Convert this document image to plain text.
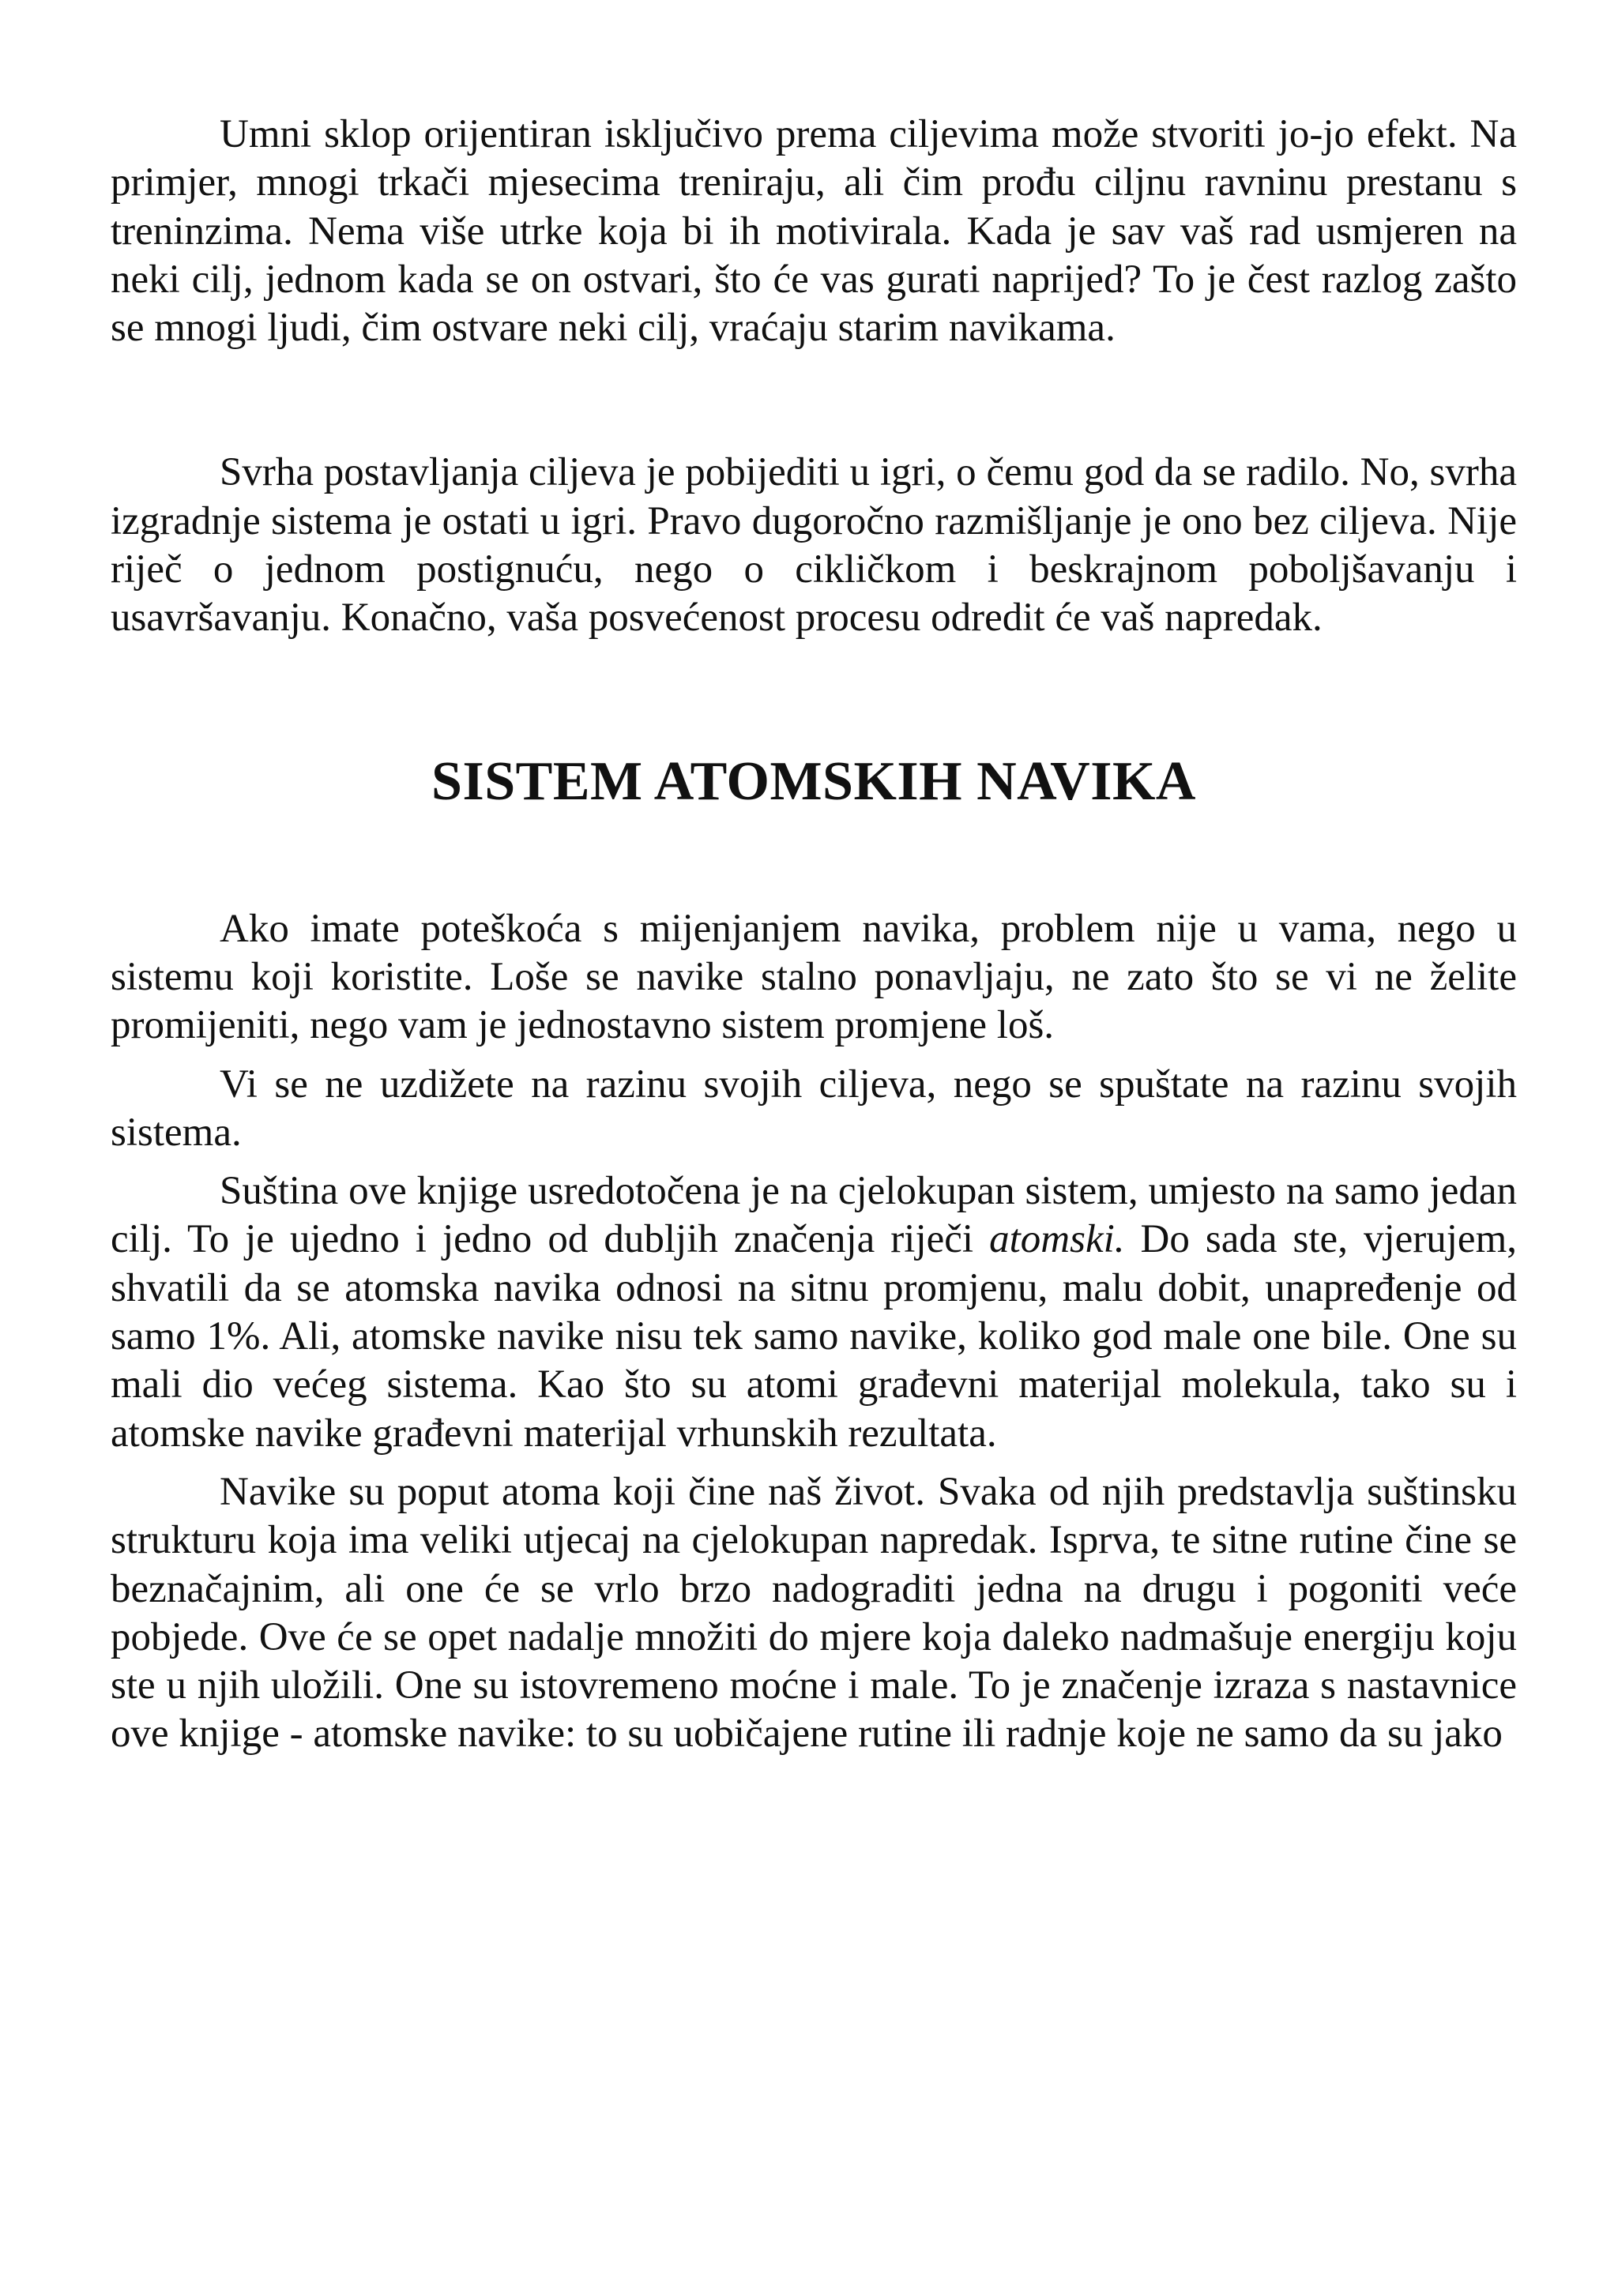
Umni sklop orijentiran isključivo prema ciljevima može stvoriti jo-jo efekt. Na primjer, mnogi trkači mjesecima treniraju, ali čim prođu ciljnu ravninu prestanu s treninzima. Nema više utrke koja bi ih motivirala. Kada je sav vaš rad usmjeren na neki cilj, jednom kada se on ostvari, što će vas gurati naprijed? To je čest razlog zašto se mnogi ljudi, čim ostvare neki cilj, vraćaju starim navikama.

Svrha postavljanja ciljeva je pobijediti u igri, o čemu god da se radilo. No, svrha izgradnje sistema je ostati u igri. Pravo dugoročno razmišljanje je ono bez ciljeva. Nije riječ o jednom postignuću, nego o cikličkom i beskrajnom poboljšavanju i usavršavanju. Konačno, vaša posvećenost procesu odredit će vaš napredak.

SISTEM ATOMSKIH NAVIKA

Ako imate poteškoća s mijenjanjem navika, problem nije u vama, nego u sistemu koji koristite. Loše se navike stalno ponavljaju, ne zato što se vi ne želite promijeniti, nego vam je jednostavno sistem promjene loš.

Vi se ne uzdižete na razinu svojih ciljeva, nego se spuštate na razinu svojih sistema.

Suština ove knjige usredotočena je na cjelokupan sistem, umjesto na samo jedan cilj. To je ujedno i jedno od dubljih značenja riječi atomski. Do sada ste, vjerujem, shvatili da se atomska navika odnosi na sitnu promjenu, malu dobit, unapređenje od samo 1%. Ali, atomske navike nisu tek samo navike, koliko god male one bile. One su mali dio većeg sistema. Kao što su atomi građevni materijal molekula, tako su i atomske navike građevni materijal vrhunskih rezultata.

Navike su poput atoma koji čine naš život. Svaka od njih predstavlja suštinsku strukturu koja ima veliki utjecaj na cjelokupan napredak. Isprva, te sitne rutine čine se beznačajnim, ali one će se vrlo brzo nadograditi jedna na drugu i pogoniti veće pobjede. Ove će se opet nadalje množiti do mjere koja daleko nadmašuje energiju koju ste u njih uložili. One su istovremeno moćne i male. To je značenje izraza s nastavnice ove knjige - atomske navike: to su uobičajene rutine ili radnje koje ne samo da su jako
